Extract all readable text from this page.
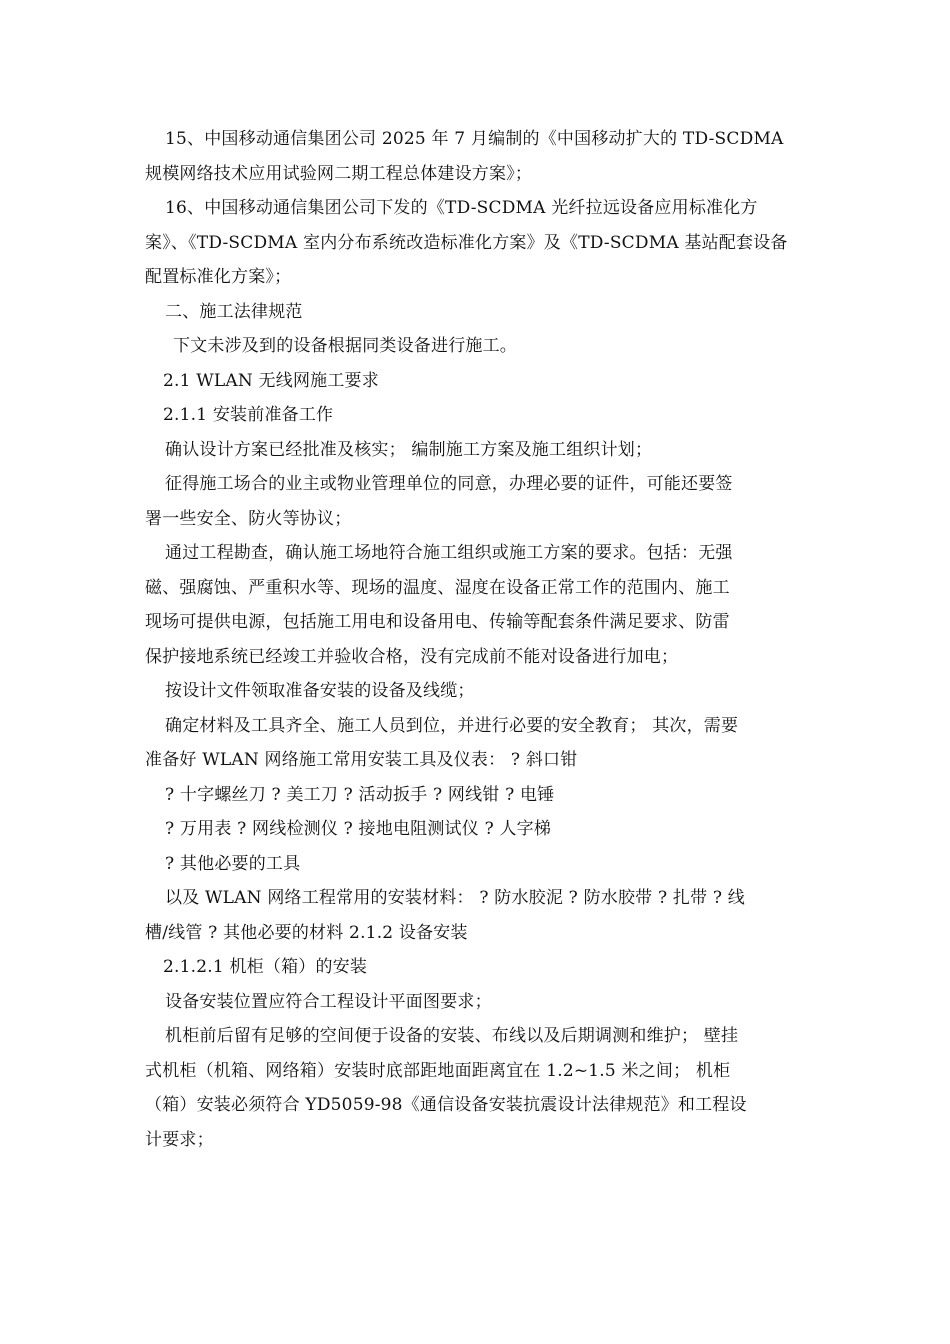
15、中国移动通信集团公司 2025 年 7 月编制的《中国移动扩大的 TD-SCDMA

规模网络技术应用试验网二期工程总体建设方案》；

16、中国移动通信集团公司下发的《TD-SCDMA 光纤拉远设备应用标准化方

案》、《TD-SCDMA 室内分布系统改造标准化方案》及《TD-SCDMA 基站配套设备

配置标准化方案》；

二、施工法律规范

下文未涉及到的设备根据同类设备进行施工。

2.1 WLAN 无线网施工要求

2.1.1 安装前准备工作

确认设计方案已经批准及核实； 编制施工方案及施工组织计划；

征得施工场合的业主或物业管理单位的同意，办理必要的证件，可能还要签

署一些安全、防火等协议；

通过工程勘查，确认施工场地符合施工组织或施工方案的要求。包括：无强

磁、强腐蚀、严重积水等、现场的温度、湿度在设备正常工作的范围内、施工

现场可提供电源，包括施工用电和设备用电、传输等配套条件满足要求、防雷

保护接地系统已经竣工并验收合格，没有完成前不能对设备进行加电；

按设计文件领取准备安装的设备及线缆；

确定材料及工具齐全、施工人员到位，并进行必要的安全教育； 其次，需要

准备好 WLAN 网络施工常用安装工具及仪表： ? 斜口钳

? 十字螺丝刀 ? 美工刀 ? 活动扳手 ? 网线钳 ? 电锤

? 万用表 ? 网线检测仪 ? 接地电阻测试仪 ? 人字梯

? 其他必要的工具

以及 WLAN 网络工程常用的安装材料： ? 防水胶泥 ? 防水胶带 ? 扎带 ? 线

槽/线管 ? 其他必要的材料 2.1.2 设备安装

2.1.2.1 机柜（箱）的安装

设备安装位置应符合工程设计平面图要求；

机柜前后留有足够的空间便于设备的安装、布线以及后期调测和维护； 壁挂

式机柜（机箱、网络箱）安装时底部距地面距离宜在 1.2~1.5 米之间； 机柜

（箱）安装必须符合 YD5059-98《通信设备安装抗震设计法律规范》和工程设

计要求；
